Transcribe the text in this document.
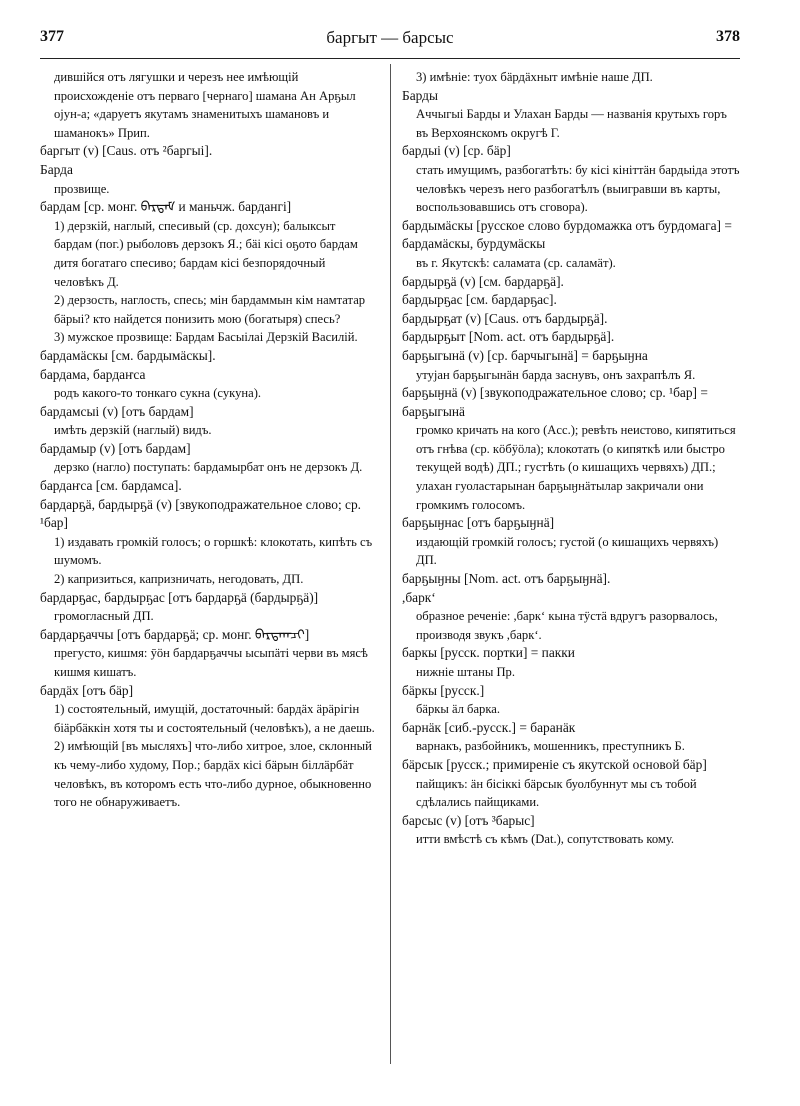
377	баргыт — барсыс	378

дившійся отъ лягушки и черезъ нее имѣющій происхожденіе отъ перваго [чернаго] шамана Ан Арҕыл ојун-а; «даруетъ якутамъ знаменитыхъ шамановъ и шаманокъ» Прип.

баргыт (v) [Caus. отъ ²баргыі].

Барда

прозвище.

бардам [ср. монг. ᠪᠠᠷᠳᠠᠮ и маньчж. бардангі]

1) дерзкій, наглый, спесивый (ср. дохсун); балыксыт бардам (пог.) рыболовъ дерзокъ Я.; бäі кісі оҕото бардам дитя богатаго спесиво; бардам кісі безпорядочный человѣкъ Д.

2) дерзость, наглость, спесь; мін бардаммын кім намтатар бäрыі? кто найдется понизить мою (богатыря) спесь?

3) мужское прозвище: Бардам Басыілаі Дерзкій Василій.

бардамäскы [см. бардымäскы].

бардама, бардаҥса

родъ какого-то тонкаго сукна (сукуна).

бардамсыі (v) [отъ бардам]

имѣть дерзкій (наглый) видъ.

бардамыр (v) [отъ бардам]

дерзко (нагло) поступать: бардамырбат онъ не дерзокъ Д.

бардаҥса [см. бардамса].

бардарҕä, бардырҕä (v) [звукоподражательное слово; ср. ¹бар]

1) издавать громкій голосъ; о горшкѣ: клокотать, кипѣть съ шумомъ.

2) капризиться, капризничать, негодовать, ДП.

бардарҕас, бардырҕас [отъ бардарҕä (бардырҕä)]

громогласный ДП.

бардарҕаччы [отъ бардарҕä; ср. монг. ᠪᠠᠷᠳᠠᠭᠴᠢ]

прегусто, кишмя: ӯöн бардарҕаччы ысыпäті черви въ мясѣ кишмя кишатъ.

бардäх [отъ бäр]

1) состоятельный, имущій, достаточный: бардäх äрäрігін біäрбäккін хотя ты и состоятельный (человѣкъ), а не даешь.

2) имѣющій [въ мысляхъ] что-либо хитрое, злое, склонный къ чему-либо худому, Пор.; бардäх кісі бäрын біллäрбäт человѣкъ, въ которомъ есть что-либо дурное, обыкновенно того не обнаруживаетъ.

3) имѣніе: туох бäрдäхныт имѣніе наше ДП.

Барды

Аччыгыі Барды и Улахан Барды — названія крутыхъ горъ въ Верхоянскомъ округѣ Г.

бардыі (v) [ср. бäр]

стать имущимъ, разбогатѣть: бу кісі кініттäн бардыіда этотъ человѣкъ черезъ него разбогатѣлъ (выигравши въ карты, воспользовавшись отъ сговора).

бардымäскы [русское слово бурдомажка отъ бурдомага] = бардамäскы, бурдумäскы

въ г. Якутскѣ: саламата (ср. саламäт).

бардырҕä (v) [см. бардарҕä].

бардырҕас [см. бардарҕас].

бардырҕат (v) [Caus. отъ бардырҕä].

бардырҕыт [Nom. act. отъ бардырҕä].

барҕыгынä (v) [ср. барчыгынä] = барҕыӈна

утуjан барҕыгынäн барда заснувъ, онъ захрапѣлъ Я.

барҕыӈнä (v) [звукоподражательное слово; ср. ¹бар] = барҕыгынä

громко кричать на кого (Acc.); ревѣть неистово, кипятиться отъ гнѣва (ср. кöбÿöла); клокотать (о кипяткѣ или быстро текущей водѣ) ДП.; густѣть (о кишащихъ червяхъ) ДП.; улахан гуоластарынан барҕыӈнäтылар закричали они громкимъ голосомъ.

барҕыӈнас [отъ барҕыӈнä]

издающій громкій голосъ; густой (о кишащихъ червяхъ) ДП.

барҕыӈны [Nom. act. отъ барҕыӈнä].

,барк‘

образное реченіе: ,барк‘ кына тÿстä вдругъ разорвалось, производя звукъ ,барк‘.

баркы [русск. портки] = пакки

нижніе штаны Пр.

бäркы [русск.]

бäркы äл барка.

барнäк [сиб.-русск.] = баранäк

варнакъ, разбойникъ, мошенникъ, преступникъ Б.

бäрсык [русск.; примиреніе съ якутской основой бäр]

пайщикъ: äн бісіккі бäрсык буолбуннут мы съ тобой сдѣлались пайщиками.

барсыс (v) [отъ ³барыс]

итти вмѣстѣ съ кѣмъ (Dat.), сопутствовать кому.
